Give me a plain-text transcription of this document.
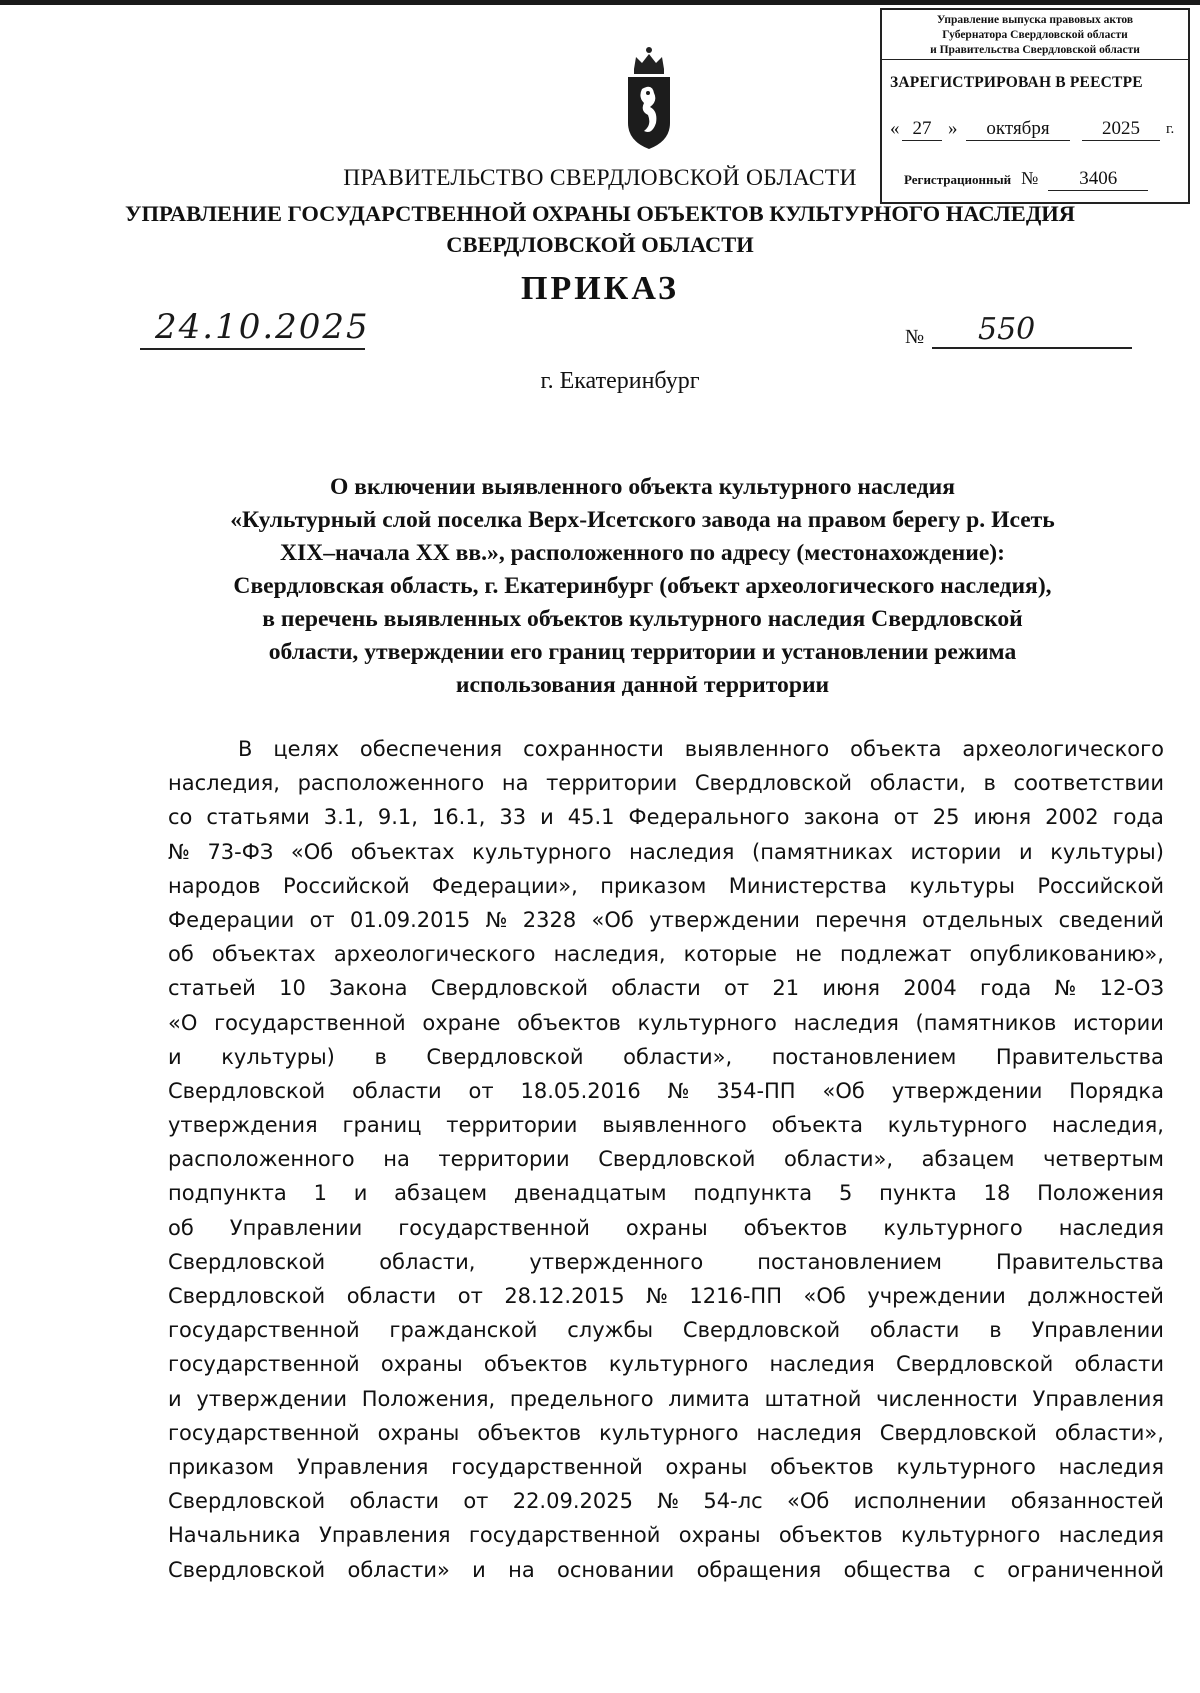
Управление выпуска правовых актов
Губернатора Свердловской области
и Правительства Свердловской области
ЗАРЕГИСТРИРОВАН В РЕЕСТРЕ
« 27 »	октября	2025	г.
Регистрационный № 3406
ПРАВИТЕЛЬСТВО СВЕРДЛОВСКОЙ ОБЛАСТИ
УПРАВЛЕНИЕ ГОСУДАРСТВЕННОЙ ОХРАНЫ ОБЪЕКТОВ КУЛЬТУРНОГО НАСЛЕДИЯ
СВЕРДЛОВСКОЙ ОБЛАСТИ
ПРИКАЗ
24.10.2025	№ 550
г. Екатеринбург
О включении выявленного объекта культурного наследия
«Культурный слой поселка Верх-Исетского завода на правом берегу р. Исеть
XIX–начала XX вв.», расположенного по адресу (местонахождение):
Свердловская область, г. Екатеринбург (объект археологического наследия),
в перечень выявленных объектов культурного наследия Свердловской
области, утверждении его границ территории и установлении режима
использования данной территории
В целях обеспечения сохранности выявленного объекта археологического
наследия, расположенного на территории Свердловской области, в соответствии
со статьями 3.1, 9.1, 16.1, 33 и 45.1 Федерального закона от 25 июня 2002 года
№ 73-ФЗ «Об объектах культурного наследия (памятниках истории и культуры)
народов Российской Федерации», приказом Министерства культуры Российской
Федерации от 01.09.2015 № 2328 «Об утверждении перечня отдельных сведений
об объектах археологического наследия, которые не подлежат опубликованию»,
статьей 10 Закона Свердловской области от 21 июня 2004 года № 12-ОЗ
«О государственной охране объектов культурного наследия (памятников истории
и культуры) в Свердловской области», постановлением Правительства
Свердловской области от 18.05.2016 № 354-ПП «Об утверждении Порядка
утверждения границ территории выявленного объекта культурного наследия,
расположенного на территории Свердловской области», абзацем четвертым
подпункта 1 и абзацем двенадцатым подпункта 5 пункта 18 Положения
об Управлении государственной охраны объектов культурного наследия
Свердловской	области,	утвержденного	постановлением	Правительства
Свердловской области от 28.12.2015 № 1216-ПП «Об учреждении должностей
государственной гражданской службы Свердловской области в Управлении
государственной охраны объектов культурного наследия Свердловской области
и утверждении Положения, предельного лимита штатной численности Управления
государственной охраны объектов культурного наследия Свердловской области»,
приказом Управления государственной охраны объектов культурного наследия
Свердловской области от 22.09.2025 № 54-лс «Об исполнении обязанностей
Начальника Управления государственной охраны объектов культурного наследия
Свердловской области» и на основании обращения общества с ограниченной
